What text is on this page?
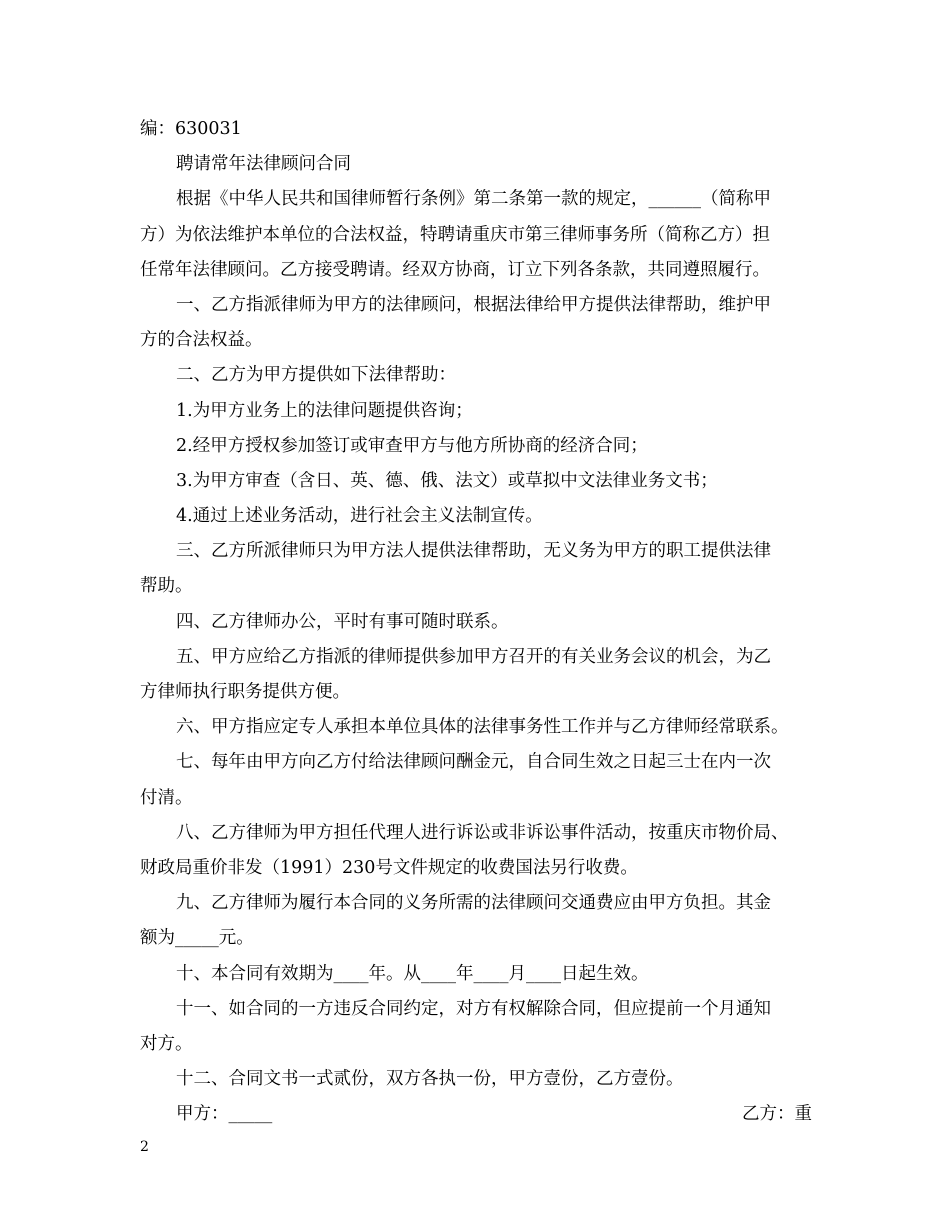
编：630031
聘请常年法律顾问合同
根据《中华人民共和国律师暂行条例》第二条第一款的规定，______（简称甲
方）为依法维护本单位的合法权益，特聘请重庆市第三律师事务所（简称乙方）担
任常年法律顾问。乙方接受聘请。经双方协商，订立下列各条款，共同遵照履行。
一、乙方指派律师为甲方的法律顾问，根据法律给甲方提供法律帮助，维护甲
方的合法权益。
二、乙方为甲方提供如下法律帮助：
1.为甲方业务上的法律问题提供咨询；
2.经甲方授权参加签订或审查甲方与他方所协商的经济合同；
3.为甲方审查（含日、英、德、俄、法文）或草拟中文法律业务文书；
4.通过上述业务活动，进行社会主义法制宣传。
三、乙方所派律师只为甲方法人提供法律帮助，无义务为甲方的职工提供法律
帮助。
四、乙方律师办公，平时有事可随时联系。
五、甲方应给乙方指派的律师提供参加甲方召开的有关业务会议的机会，为乙
方律师执行职务提供方便。
六、甲方指应定专人承担本单位具体的法律事务性工作并与乙方律师经常联系。
七、每年由甲方向乙方付给法律顾问酬金元，自合同生效之日起三士在内一次
付清。
八、乙方律师为甲方担任代理人进行诉讼或非诉讼事件活动，按重庆市物价局、
财政局重价非发（1991）230号文件规定的收费国法另行收费。
九、乙方律师为履行本合同的义务所需的法律顾问交通费应由甲方负担。其金
额为_____元。
十、本合同有效期为____年。从____年____月____日起生效。
十一、如合同的一方违反合同约定，对方有权解除合同，但应提前一个月通知
对方。
十二、合同文书一式贰份，双方各执一份，甲方壹份，乙方壹份。
甲方：_____	乙方：重
2
